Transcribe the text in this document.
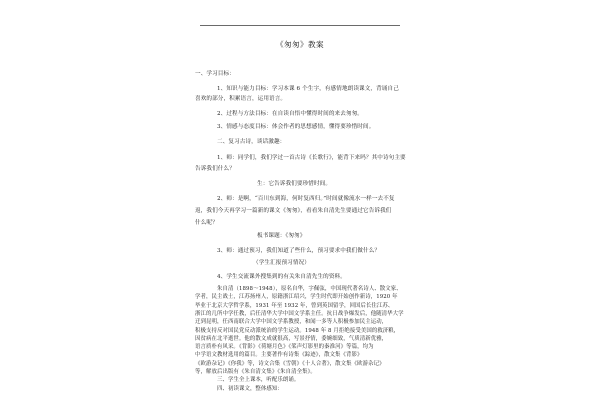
《匆匆》教案
一、学习目标：
1、知识与能力目标：学习本课 6 个生字，有感情地朗读课文，背诵自己
喜欢的部分，积累语言，运用语言。
2、过程与方法目标：在自读自悟中懂得时间的来去匆匆。
3、情感与态度目标：体会作者的思想感情，懂得要珍惜时间。
二、复习古诗，谈话激趣：
1、师：同学们，我们学过一首古诗《长歌行》，能背下来吗？其中诗句主要
告诉我们什么？
生：它告诉我们要珍惜时间。
2、师：是啊，“百川东到海，何时复西归。”时间就像流水一样一去不复
返，我们今天再学习一篇新的课文《匆匆》，看看朱自清先生要通过它告诉我们
什么呢？
板书课题：《匆匆》
3、师：通过预习，我们知道了些什么，预习要求中我们做什么？
（学生汇报预习情况）
4、学生交流课外搜集到的有关朱自清先生的资料。
朱自清（1898～1948），原名自华，字佩弦，中国现代著名诗人、散文家、
学者，民主战士，江苏扬州人，原籍浙江绍兴，学生时代即开始创作新诗，1920 年
毕业于北京大学哲学系，1931 年至 1932 年，曾到英国留学，回国后长住江苏、
浙江的几所中学任教，后任清华大学中国文学系主任。抗日战争爆发后，他随清华大学
迁到昆明，任西南联合大学中国文学系教授，和闻一多等人积极参加民主运动，
积极支持反对国民党反动派统治的学生运动。1948 年 8 月拒绝接受美国的救济粮，
因贫病在北平逝世。他的散文成就很高，写景抒情，委婉细致，气质清新优雅，
语言质朴有风采。《背影》《荷塘月色》《桨声灯影里的秦淮河》等篇，均为
中学语文教材选用的篇目。主要著作有诗集《踪迹》，散文集《背影》
《欧游杂记》《你我》等，诗文合集《雪朝》《十人合著》，散文集《欧游杂记》
等，解放后出版有《朱自清文集》《朱自清全集》。
三、学生全上课本，听配乐朗诵。
四、初读课文，整体感知：
